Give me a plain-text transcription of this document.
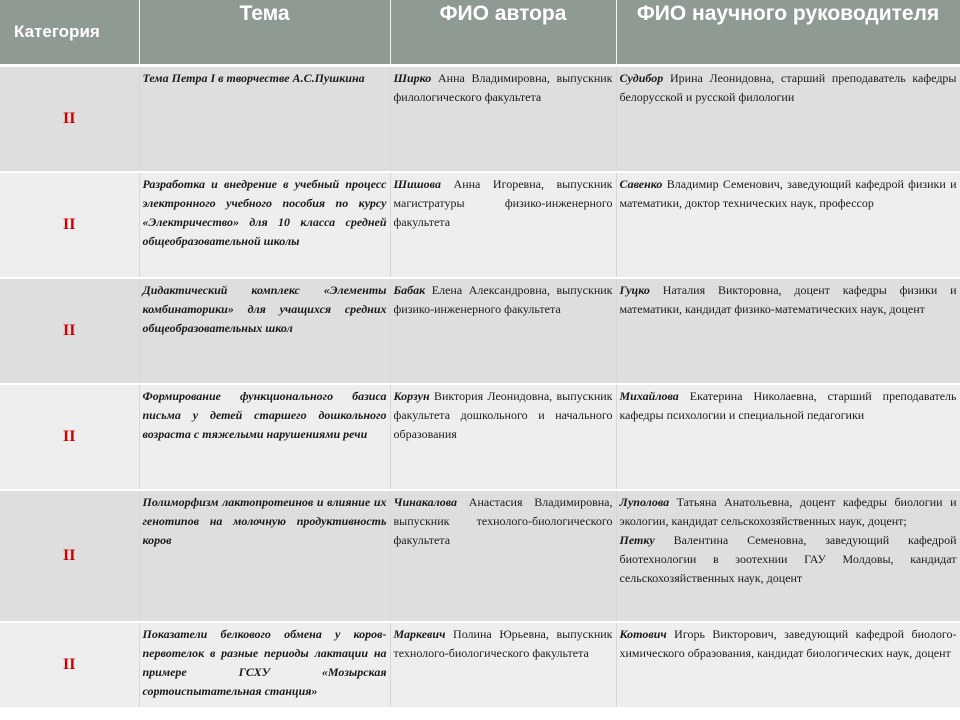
Категория	Тема	ФИО автора	ФИО научного руководителя
II	Тема Петра I в творчестве А.С.Пушкина	Ширко Анна Владимировна, выпускник филологического факультета	Судибор Ирина Леонидовна, старший преподаватель кафедры белорусской и русской филологии
II	Разработка и внедрение в учебный процесс электронного учебного пособия по курсу «Электричество» для 10 класса средней общеобразовательной школы	Шишова Анна Игоревна, выпускник магистратуры физико-инженерного факультета	Савенко Владимир Семенович, заведующий кафедрой физики и математики, доктор технических наук, профессор
II	Дидактический комплекс «Элементы комбинаторики» для учащихся средних общеобразовательных школ	Бабак Елена Александровна, выпускник физико-инженерного факультета	Гуцко Наталия Викторовна, доцент кафедры физики и математики, кандидат физико-математических наук, доцент
II	Формирование функционального базиса письма у детей старшего дошкольного возраста с тяжелыми нарушениями речи	Корзун Виктория Леонидовна, выпускник факультета дошкольного и начального образования	Михайлова Екатерина Николаевна, старший преподаватель кафедры психологии и специальной педагогики
II	Полиморфизм лактопротеинов и влияние их генотипов на молочную продуктивность коров	Чинакалова Анастасия Владимировна, выпускник технолого-биологического факультета	Луполова Татьяна Анатольевна, доцент кафедры биологии и экологии, кандидат сельскохозяйственных наук, доцент;
Петку Валентина Семеновна, заведующий кафедрой биотехнологии в зоотехнии ГАУ Молдовы, кандидат сельскохозяйственных наук, доцент

II	Показатели белкового обмена у коров-первотелок в разные периоды лактации на примере ГСХУ «Мозырская сортоиспытательная станция»	Маркевич Полина Юрьевна, выпускник технолого-биологического факультета	Котович Игорь Викторович, заведующий кафедрой биолого-химического образования, кандидат биологических наук, доцент
